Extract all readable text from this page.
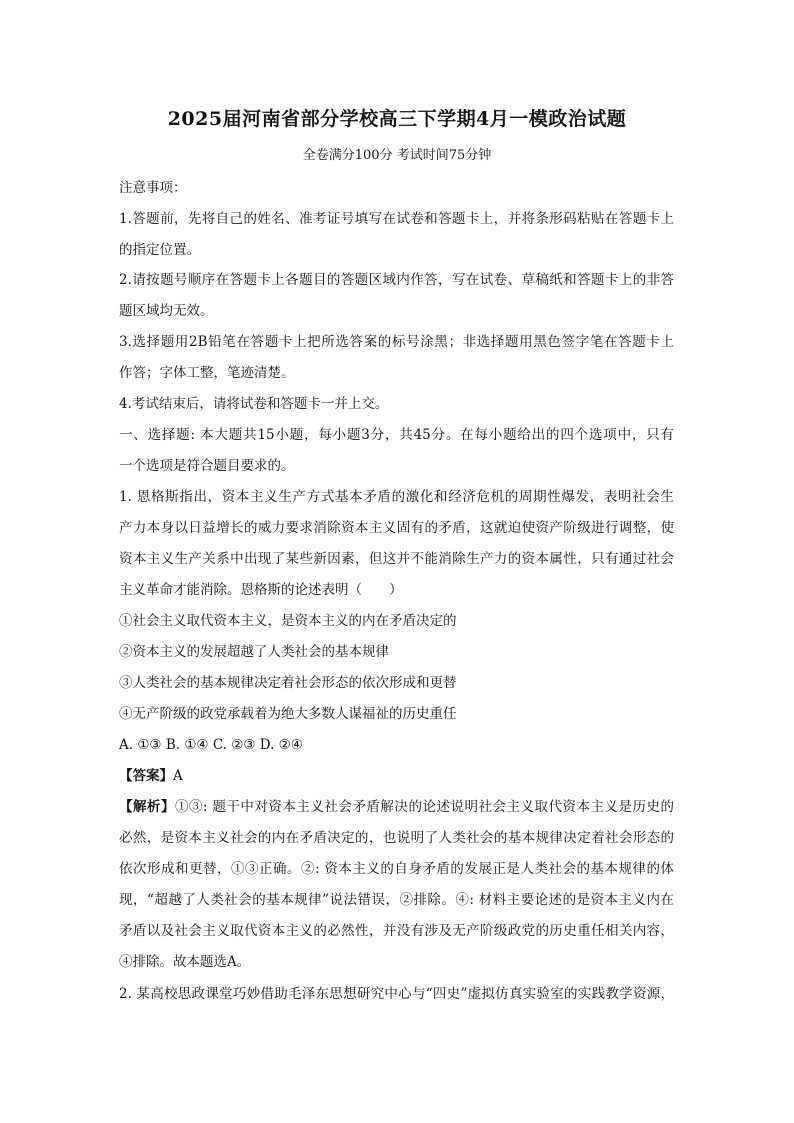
2025届河南省部分学校高三下学期4月一模政治试题
全卷满分100分 考试时间75分钟
注意事项：
1.答题前，先将自己的姓名、准考证号填写在试卷和答题卡上，并将条形码粘贴在答题卡上
的指定位置。
2.请按题号顺序在答题卡上各题目的答题区域内作答，写在试卷、草稿纸和答题卡上的非答
题区域均无效。
3.选择题用2B铅笔在答题卡上把所选答案的标号涂黑；非选择题用黑色签字笔在答题卡上
作答；字体工整，笔迹清楚。
4.考试结束后，请将试卷和答题卡一并上交。
一、选择题: 本大题共15小题，每小题3分，共45分。在每小题给出的四个选项中，只有
一个选项是符合题目要求的。
1. 恩格斯指出，资本主义生产方式基本矛盾的激化和经济危机的周期性爆发，表明社会生
产力本身以日益增长的威力要求消除资本主义固有的矛盾，这就迫使资产阶级进行调整，使
资本主义生产关系中出现了某些新因素，但这并不能消除生产力的资本属性，只有通过社会
主义革命才能消除。恩格斯的论述表明（　　）
①社会主义取代资本主义，是资本主义的内在矛盾决定的
②资本主义的发展超越了人类社会的基本规律
③人类社会的基本规律决定着社会形态的依次形成和更替
④无产阶级的政党承载着为绝大多数人谋福祉的历史重任
A. ①③ B. ①④ C. ②③ D. ②④
【答案】A
【解析】①③: 题干中对资本主义社会矛盾解决的论述说明社会主义取代资本主义是历史的
必然，是资本主义社会的内在矛盾决定的，也说明了人类社会的基本规律决定着社会形态的
依次形成和更替，①③正确。②: 资本主义的自身矛盾的发展正是人类社会的基本规律的体
现，“超越了人类社会的基本规律”说法错误，②排除。④: 材料主要论述的是资本主义内在
矛盾以及社会主义取代资本主义的必然性，并没有涉及无产阶级政党的历史重任相关内容，
④排除。故本题选A。
2. 某高校思政课堂巧妙借助毛泽东思想研究中心与“四史”虚拟仿真实验室的实践教学资源，
